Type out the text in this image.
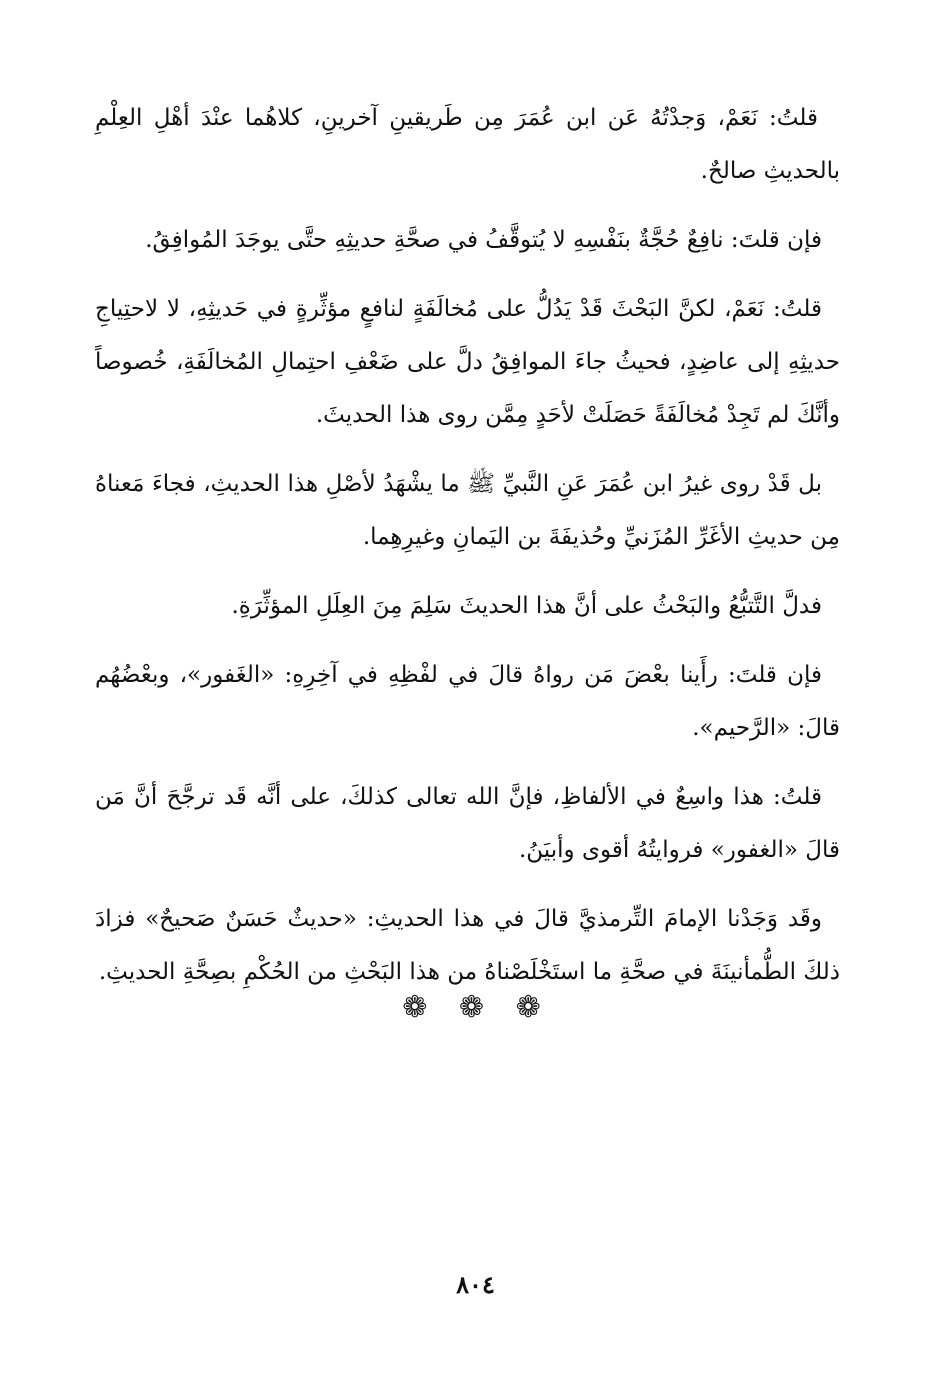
قلتُ: نَعَمْ، وَجدْتُهُ عَن ابن عُمَرَ مِن طَريقينِ آخرينِ، كلاهُما عنْدَ أهْلِ العِلْمِ بالحديثِ صالحٌ.

فإن قلتَ: نافِعٌ حُجَّةٌ بنَفْسِهِ لا يُتوقَّفُ في صحَّةِ حديثِهِ حتَّى يوجَدَ المُوافِقُ.

قلتُ: نَعَمْ، لكنَّ البَحْثَ قَدْ يَدُلُّ على مُخالَفَةٍ لنافعٍ مؤثِّرةٍ في حَديثِهِ، لا لاحتِياجِ حديثِهِ إلى عاضِدٍ، فحيثُ جاءَ الموافِقُ دلَّ على ضَعْفِ احتِمالِ المُخالَفَةِ، خُصوصاً وأنَّكَ لم تَجِدْ مُخالَفَةً حَصَلَتْ لأحَدٍ مِمَّن روى هذا الحديثَ.

بل قَدْ روى غيرُ ابن عُمَرَ عَنِ النَّبيِّ ﷺ ما يشْهَدُ لأصْلِ هذا الحديثِ، فجاءَ مَعناهُ مِن حديثِ الأغَرِّ المُزَنيِّ وحُذيفَةَ بن اليَمانِ وغيرِهِما.

فدلَّ التَّتبُّعُ والبَحْثُ على أنَّ هذا الحديثَ سَلِمَ مِنَ العِلَلِ المؤثِّرَةِ.

فإن قلتَ: رأَينا بعْضَ مَن رواهُ قالَ في لفْظِهِ في آخِرِهِ: «الغَفور»، وبعْضُهُم قالَ: «الرَّحيم».

قلتُ: هذا واسِعٌ في الألفاظِ، فإنَّ الله تعالى كذلكَ، على أنَّه قَد ترجَّحَ أنَّ مَن قالَ «الغفور» فروايتُهُ أقوى وأبيَنُ.

وقَد وَجَدْنا الإمامَ التِّرمذيَّ قالَ في هذا الحديثِ: «حديثٌ حَسَنٌ صَحيحٌ» فزادَ ذلكَ الطُّمأنينَةَ في صحَّةِ ما استَخْلَصْناهُ من هذا البَحْثِ من الحُكْمِ بصِحَّةِ الحديثِ.

❁ ❁ ❁
٨٠٤
